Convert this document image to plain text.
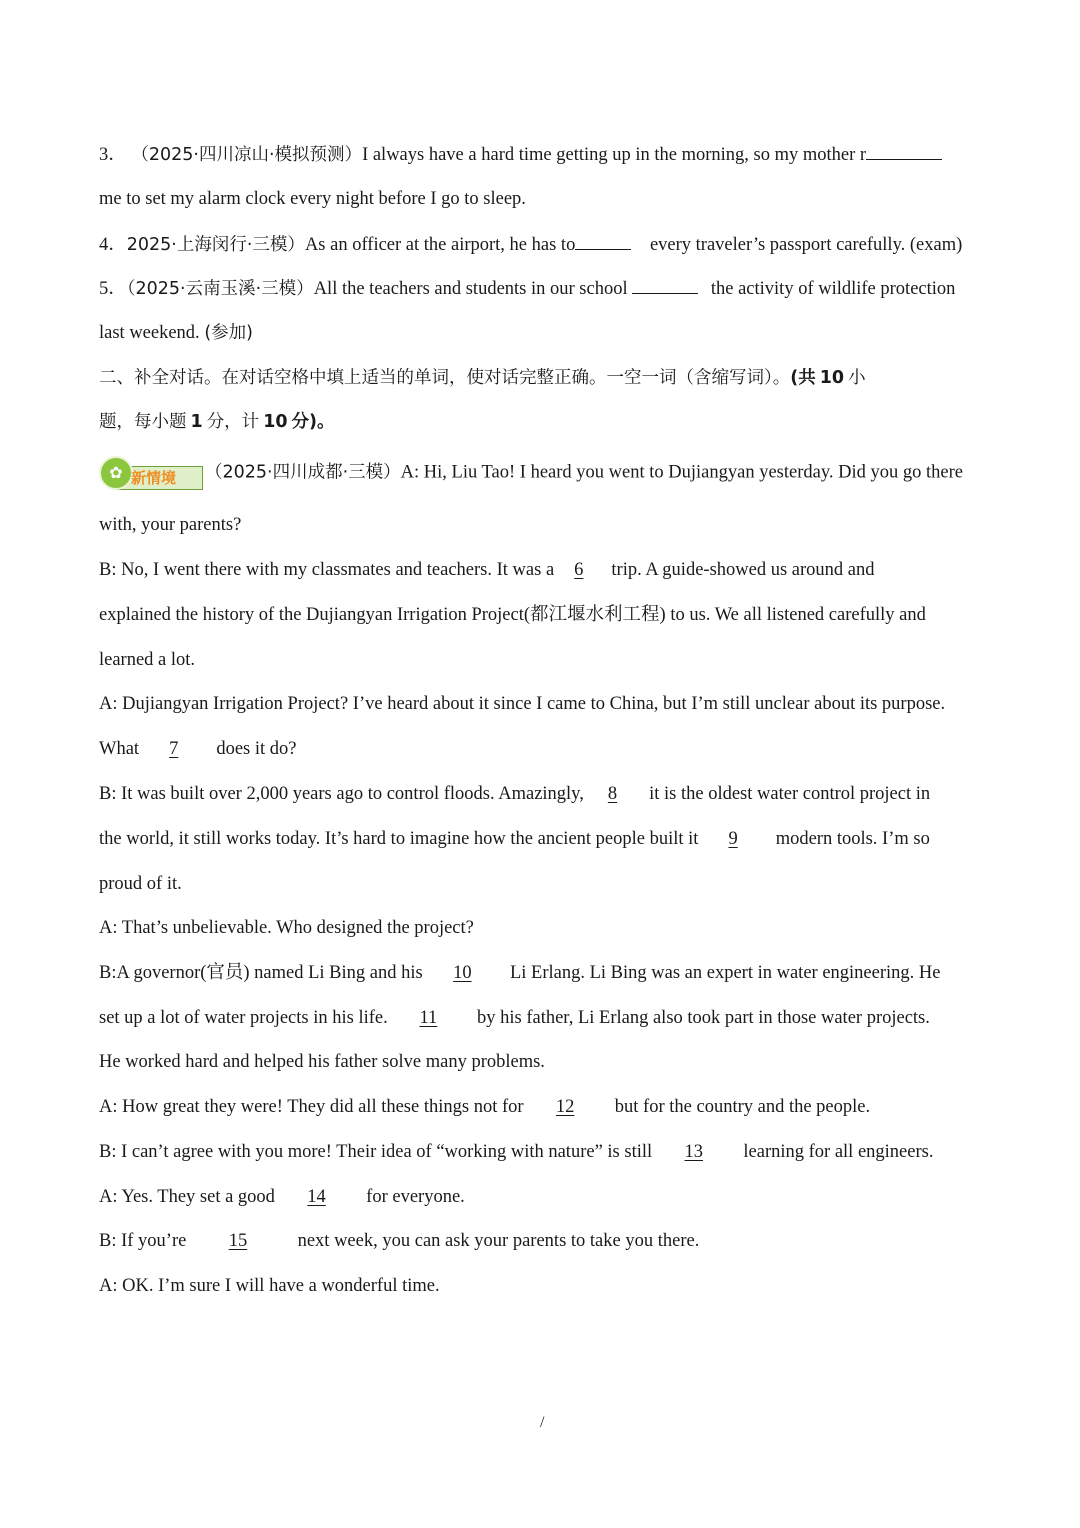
3． （2025·四川凉山·模拟预测）I always have a hard time getting up in the morning, so my mother r
me to set my alarm clock every night before I go to sleep.
4．2025·上海闵行·三模）As an officer at the airport, he has to	every traveler’s passport carefully. (exam)
5．（2025·云南玉溪·三模）All the teachers and students in our school	the activity of wildlife protection
last weekend. (参加)
二、补全对话。在对话空格中填上适当的单词，使对话完整正确。一空一词（含缩写词）。(共 10 小
题，每小题 1 分，计 10 分)。
✿ 新情境 （2025·四川成都·三模）A: Hi, Liu Tao! I heard you went to Dujiangyan yesterday. Did you go there
with, your parents?
B: No, I went there with my classmates and teachers. It was a 6 trip. A guide-showed us around and
explained the history of the Dujiangyan Irrigation Project(都江堰水利工程) to us. We all listened carefully and
learned a lot.
A: Dujiangyan Irrigation Project? I’ve heard about it since I came to China, but I’m still unclear about its purpose.
What 7 does it do?
B: It was built over 2,000 years ago to control floods. Amazingly, 8 it is the oldest water control project in
the world, it still works today. It’s hard to imagine how the ancient people built it 9 modern tools. I’m so
proud of it.
A: That’s unbelievable. Who designed the project?
B:A governor(官员) named Li Bing and his 10 Li Erlang. Li Bing was an expert in water engineering. He
set up a lot of water projects in his life. 11 by his father, Li Erlang also took part in those water projects.
He worked hard and helped his father solve many problems.
A: How great they were! They did all these things not for 12 but for the country and the people.
B: I can’t agree with you more! Their idea of “working with nature” is still 13 learning for all engineers.
A: Yes. They set a good 14 for everyone.
B: If you’re 15	next week, you can ask your parents to take you there.
A: OK. I’m sure I will have a wonderful time.
/
